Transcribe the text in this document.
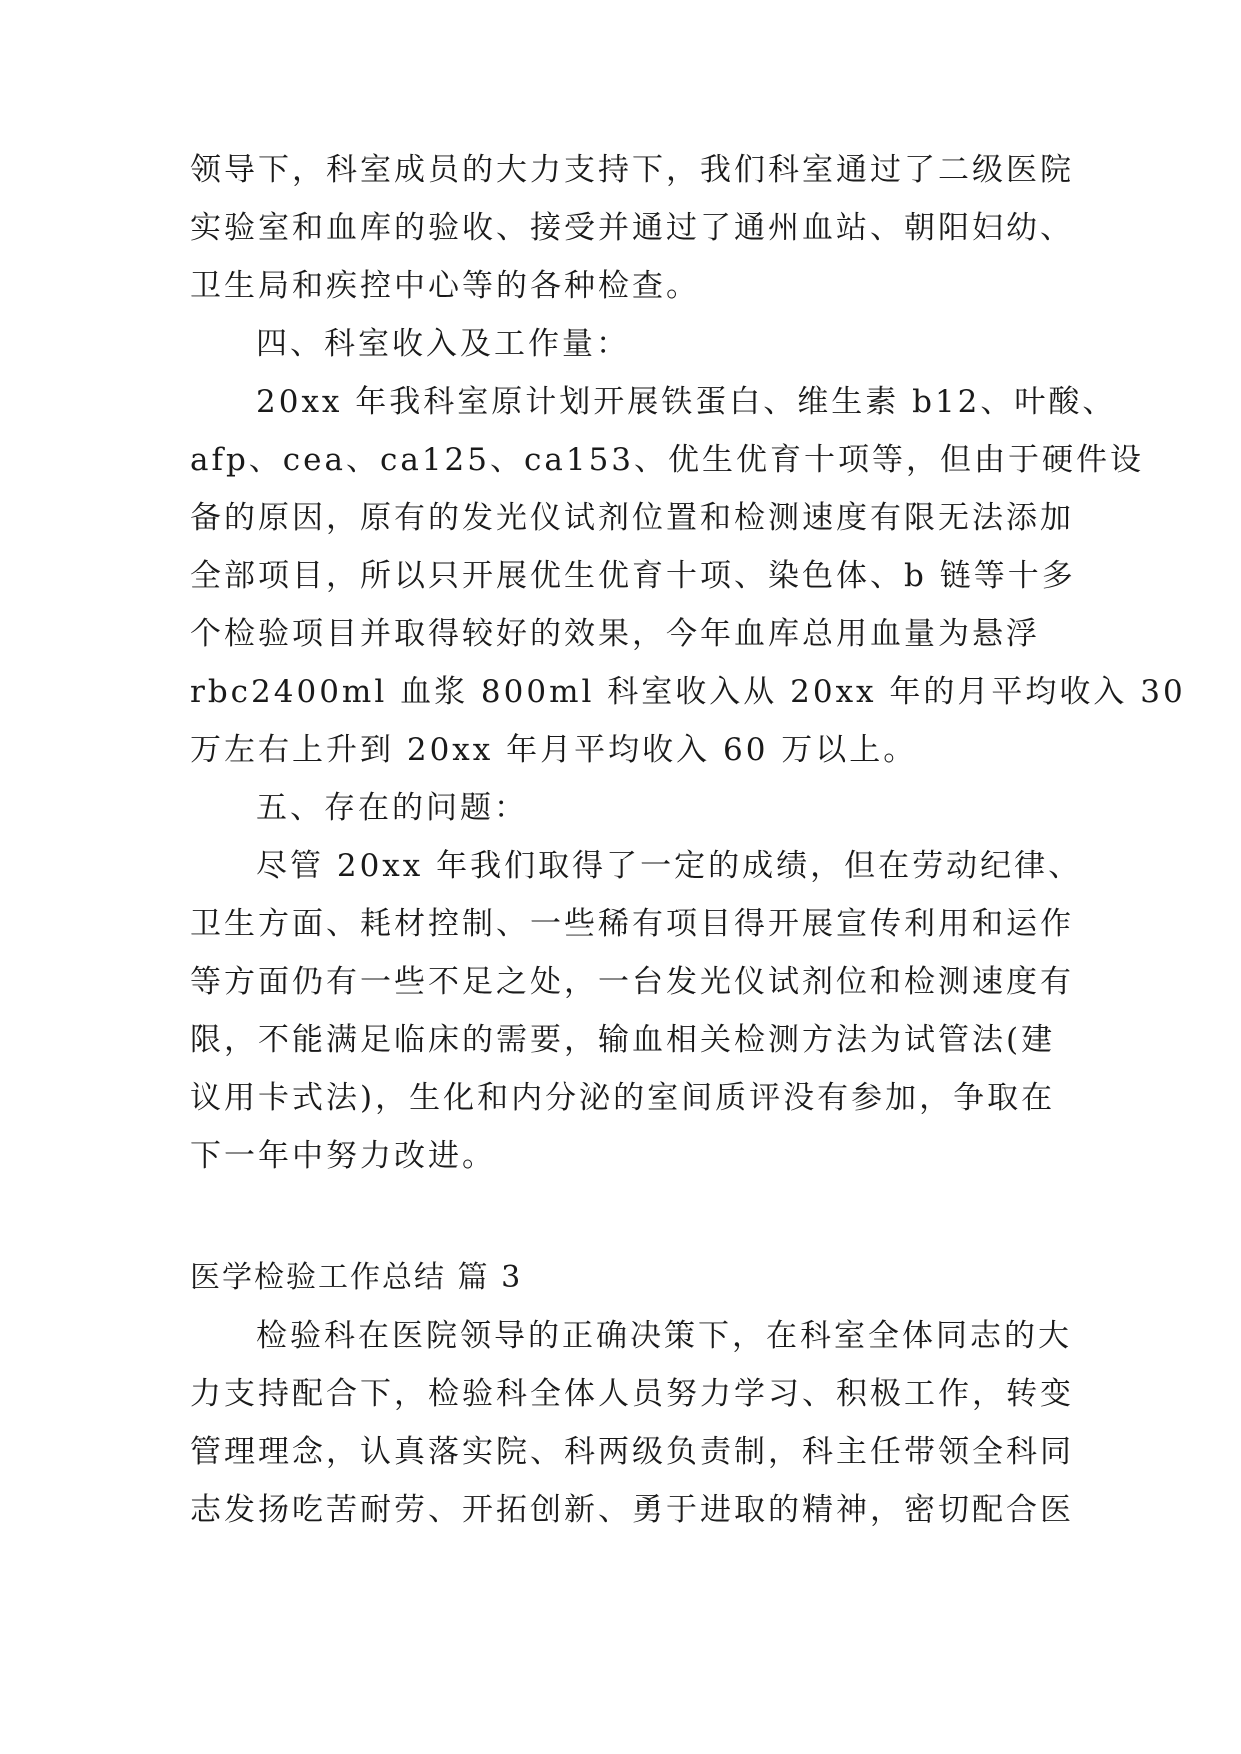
领导下，科室成员的大力支持下，我们科室通过了二级医院
实验室和血库的验收、接受并通过了通州血站、朝阳妇幼、
卫生局和疾控中心等的各种检查。
四、科室收入及工作量：
20xx 年我科室原计划开展铁蛋白、维生素 b12、叶酸、
afp、cea、ca125、ca153、优生优育十项等，但由于硬件设
备的原因，原有的发光仪试剂位置和检测速度有限无法添加
全部项目，所以只开展优生优育十项、染色体、b 链等十多
个检验项目并取得较好的效果，今年血库总用血量为悬浮
rbc2400ml 血浆 800ml 科室收入从 20xx 年的月平均收入 30
万左右上升到 20xx 年月平均收入 60 万以上。
五、存在的问题：
尽管 20xx 年我们取得了一定的成绩，但在劳动纪律、
卫生方面、耗材控制、一些稀有项目得开展宣传利用和运作
等方面仍有一些不足之处，一台发光仪试剂位和检测速度有
限，不能满足临床的需要，输血相关检测方法为试管法(建
议用卡式法)，生化和内分泌的室间质评没有参加，争取在
下一年中努力改进。
医学检验工作总结 篇 3
检验科在医院领导的正确决策下，在科室全体同志的大
力支持配合下，检验科全体人员努力学习、积极工作，转变
管理理念，认真落实院、科两级负责制，科主任带领全科同
志发扬吃苦耐劳、开拓创新、勇于进取的精神，密切配合医
